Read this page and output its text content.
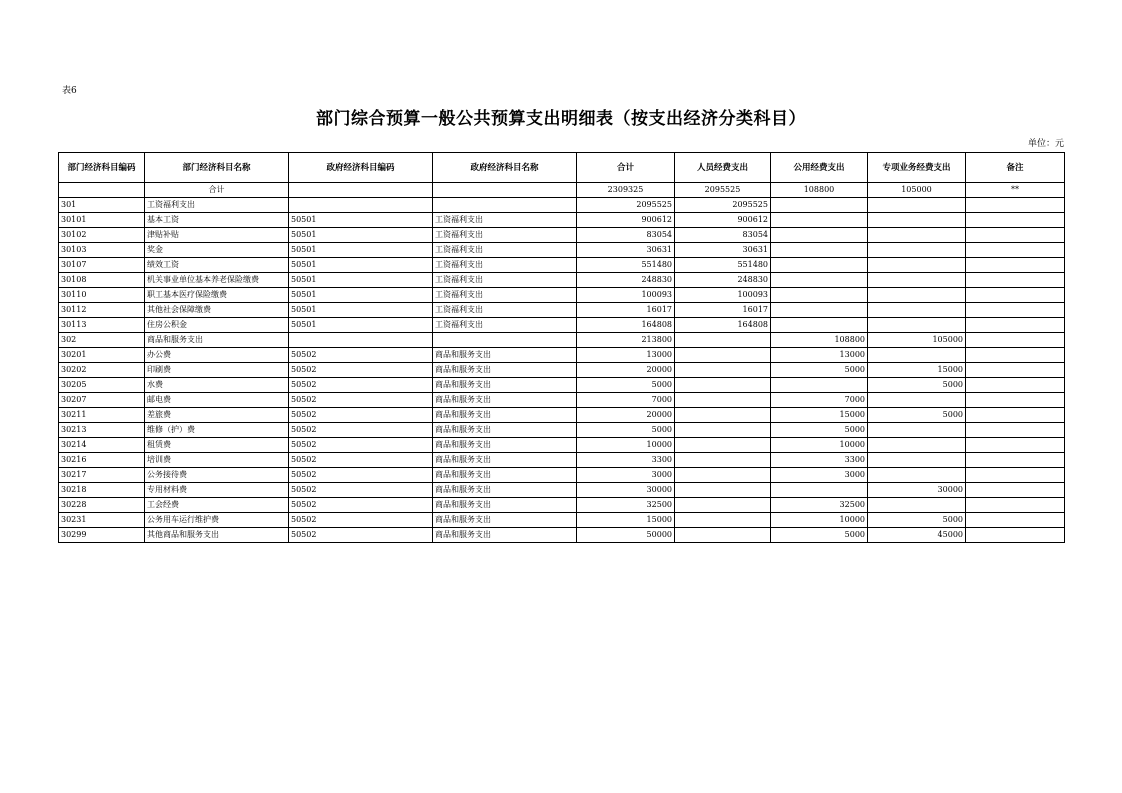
表6
部门综合预算一般公共预算支出明细表（按支出经济分类科目）
单位：元
部门经济科目编码	部门经济科目名称	政府经济科目编码	政府经济科目名称	合计	人员经费支出	公用经费支出	专项业务经费支出	备注
	合计			2309325	2095525	108800	105000	**
301	工资福利支出			2095525	2095525			
30101	基本工资	50501	工资福利支出	900612	900612			
30102	津贴补贴	50501	工资福利支出	83054	83054			
30103	奖金	50501	工资福利支出	30631	30631			
30107	绩效工资	50501	工资福利支出	551480	551480			
30108	机关事业单位基本养老保险缴费	50501	工资福利支出	248830	248830			
30110	职工基本医疗保险缴费	50501	工资福利支出	100093	100093			
30112	其他社会保障缴费	50501	工资福利支出	16017	16017			
30113	住房公积金	50501	工资福利支出	164808	164808			
302	商品和服务支出			213800		108800	105000	
30201	办公费	50502	商品和服务支出	13000		13000		
30202	印刷费	50502	商品和服务支出	20000		5000	15000	
30205	水费	50502	商品和服务支出	5000			5000	
30207	邮电费	50502	商品和服务支出	7000		7000		
30211	差旅费	50502	商品和服务支出	20000		15000	5000	
30213	维修（护）费	50502	商品和服务支出	5000		5000		
30214	租赁费	50502	商品和服务支出	10000		10000		
30216	培训费	50502	商品和服务支出	3300		3300		
30217	公务接待费	50502	商品和服务支出	3000		3000		
30218	专用材料费	50502	商品和服务支出	30000			30000	
30228	工会经费	50502	商品和服务支出	32500		32500		
30231	公务用车运行维护费	50502	商品和服务支出	15000		10000	5000	
30299	其他商品和服务支出	50502	商品和服务支出	50000		5000	45000	
